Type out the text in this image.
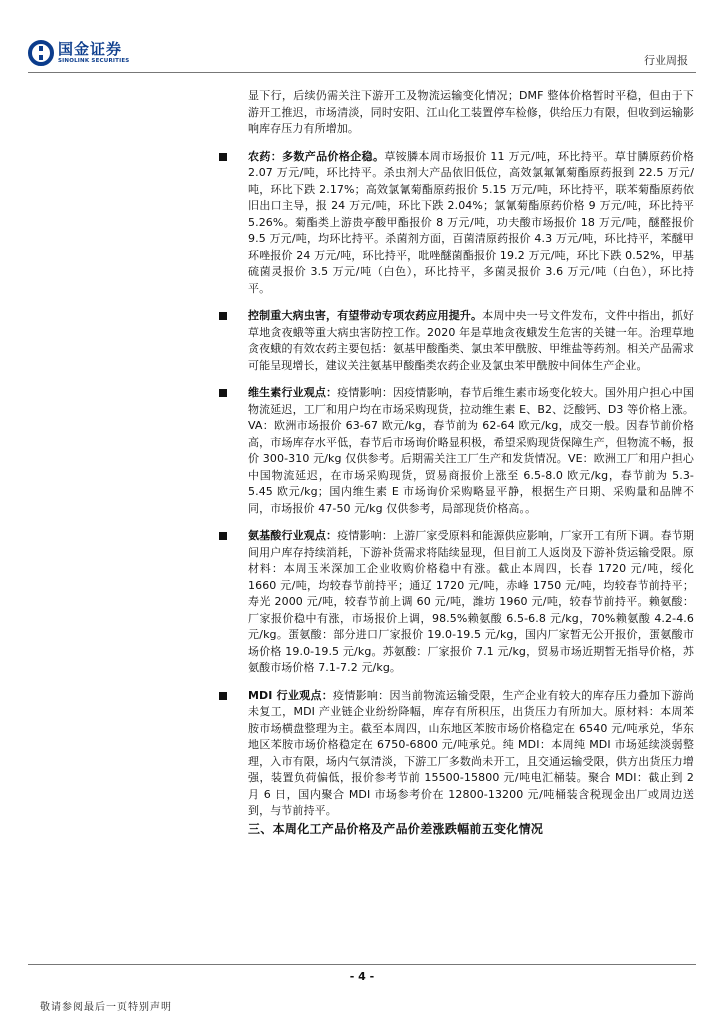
国金证券
SINOLINK SECURITIES	行业周报

显下行，后续仍需关注下游开工及物流运输变化情况；DMF 整体价格暂时平稳，但由于下游开工推迟，市场清淡，同时安阳、江山化工装置停车检修，供给压力有限，但收到运输影响库存压力有所增加。

农药：多数产品价格企稳。草铵膦本周市场报价 11 万元/吨，环比持平。草甘膦原药价格 2.07 万元/吨，环比持平。杀虫剂大产品依旧低位，高效氯氟氰菊酯原药报到 22.5 万元/吨，环比下跌 2.17%；高效氯氰菊酯原药报价 5.15 万元/吨，环比持平，联苯菊酯原药依旧出口主导，报 24 万元/吨，环比下跌 2.04%；氯氰菊酯原药价格 9 万元/吨，环比持平 5.26%。菊酯类上游贵亭酸甲酯报价 8 万元/吨，功夫酸市场报价 18 万元/吨，醚醛报价 9.5 万元/吨，均环比持平。杀菌剂方面，百菌清原药报价 4.3 万元/吨，环比持平，苯醚甲环唑报价 24 万元/吨，环比持平，吡唑醚菌酯报价 19.2 万元/吨，环比下跌 0.52%，甲基硫菌灵报价 3.5 万元/吨（白色），环比持平，多菌灵报价 3.6 万元/吨（白色），环比持平。

控制重大病虫害，有望带动专项农药应用提升。本周中央一号文件发布，文件中指出，抓好草地贪夜蛾等重大病虫害防控工作。2020 年是草地贪夜蛾发生危害的关键一年。治理草地贪夜蛾的有效农药主要包括：氨基甲酸酯类、氯虫苯甲酰胺、甲维盐等药剂。相关产品需求可能呈现增长，建议关注氨基甲酸酯类农药企业及氯虫苯甲酰胺中间体生产企业。

维生素行业观点：疫情影响：因疫情影响，春节后维生素市场变化较大。国外用户担心中国物流延迟，工厂和用户均在市场采购现货，拉动维生素 E、B2、泛酸钙、D3 等价格上涨。VA：欧洲市场报价 63-67 欧元/kg，春节前为 62-64 欧元/kg，成交一般。因春节前价格高，市场库存水平低，春节后市场询价略显积极，希望采购现货保障生产，但物流不畅，报价 300-310 元/kg 仅供参考。后期需关注工厂生产和发货情况。VE：欧洲工厂和用户担心中国物流延迟，在市场采购现货，贸易商报价上涨至 6.5-8.0 欧元/kg，春节前为 5.3-5.45 欧元/kg；国内维生素 E 市场询价采购略显平静，根据生产日期、采购量和品牌不同，市场报价 47-50 元/kg 仅供参考，局部现货价格高。。

氨基酸行业观点：疫情影响：上游厂家受原料和能源供应影响，厂家开工有所下调。春节期间用户库存持续消耗，下游补货需求将陆续显现，但目前工人返岗及下游补货运输受限。原材料：本周玉米深加工企业收购价格稳中有涨。截止本周四，长春 1720 元/吨，绥化 1660 元/吨，均较春节前持平；通辽 1720 元/吨，赤峰 1750 元/吨，均较春节前持平；寿光 2000 元/吨，较春节前上调 60 元/吨，潍坊 1960 元/吨，较春节前持平。赖氨酸：厂家报价稳中有涨，市场报价上调，98.5%赖氨酸 6.5-6.8 元/kg，70%赖氨酸 4.2-4.6 元/kg。蛋氨酸：部分进口厂家报价 19.0-19.5 元/kg，国内厂家暂无公开报价，蛋氨酸市场价格 19.0-19.5 元/kg。苏氨酸：厂家报价 7.1 元/kg，贸易市场近期暂无指导价格，苏氨酸市场价格 7.1-7.2 元/kg。

MDI 行业观点：疫情影响：因当前物流运输受限，生产企业有较大的库存压力叠加下游尚未复工，MDI 产业链企业纷纷降幅，库存有所积压，出货压力有所加大。原材料：本周苯胺市场横盘整理为主。截至本周四，山东地区苯胺市场价格稳定在 6540 元/吨承兑，华东地区苯胺市场价格稳定在 6750-6800 元/吨承兑。纯 MDI：本周纯 MDI 市场延续淡弱整理，入市有限，场内气氛清淡，下游工厂多数尚未开工，且交通运输受限，供方出货压力增强，装置负荷偏低，报价参考节前 15500-15800 元/吨电汇桶装。聚合 MDI：截止到 2 月 6 日，国内聚合 MDI 市场参考价在 12800-13200 元/吨桶装含税现金出厂或周边送到，与节前持平。

三、本周化工产品价格及产品价差涨跌幅前五变化情况
- 4 -
敬请参阅最后一页特别声明
